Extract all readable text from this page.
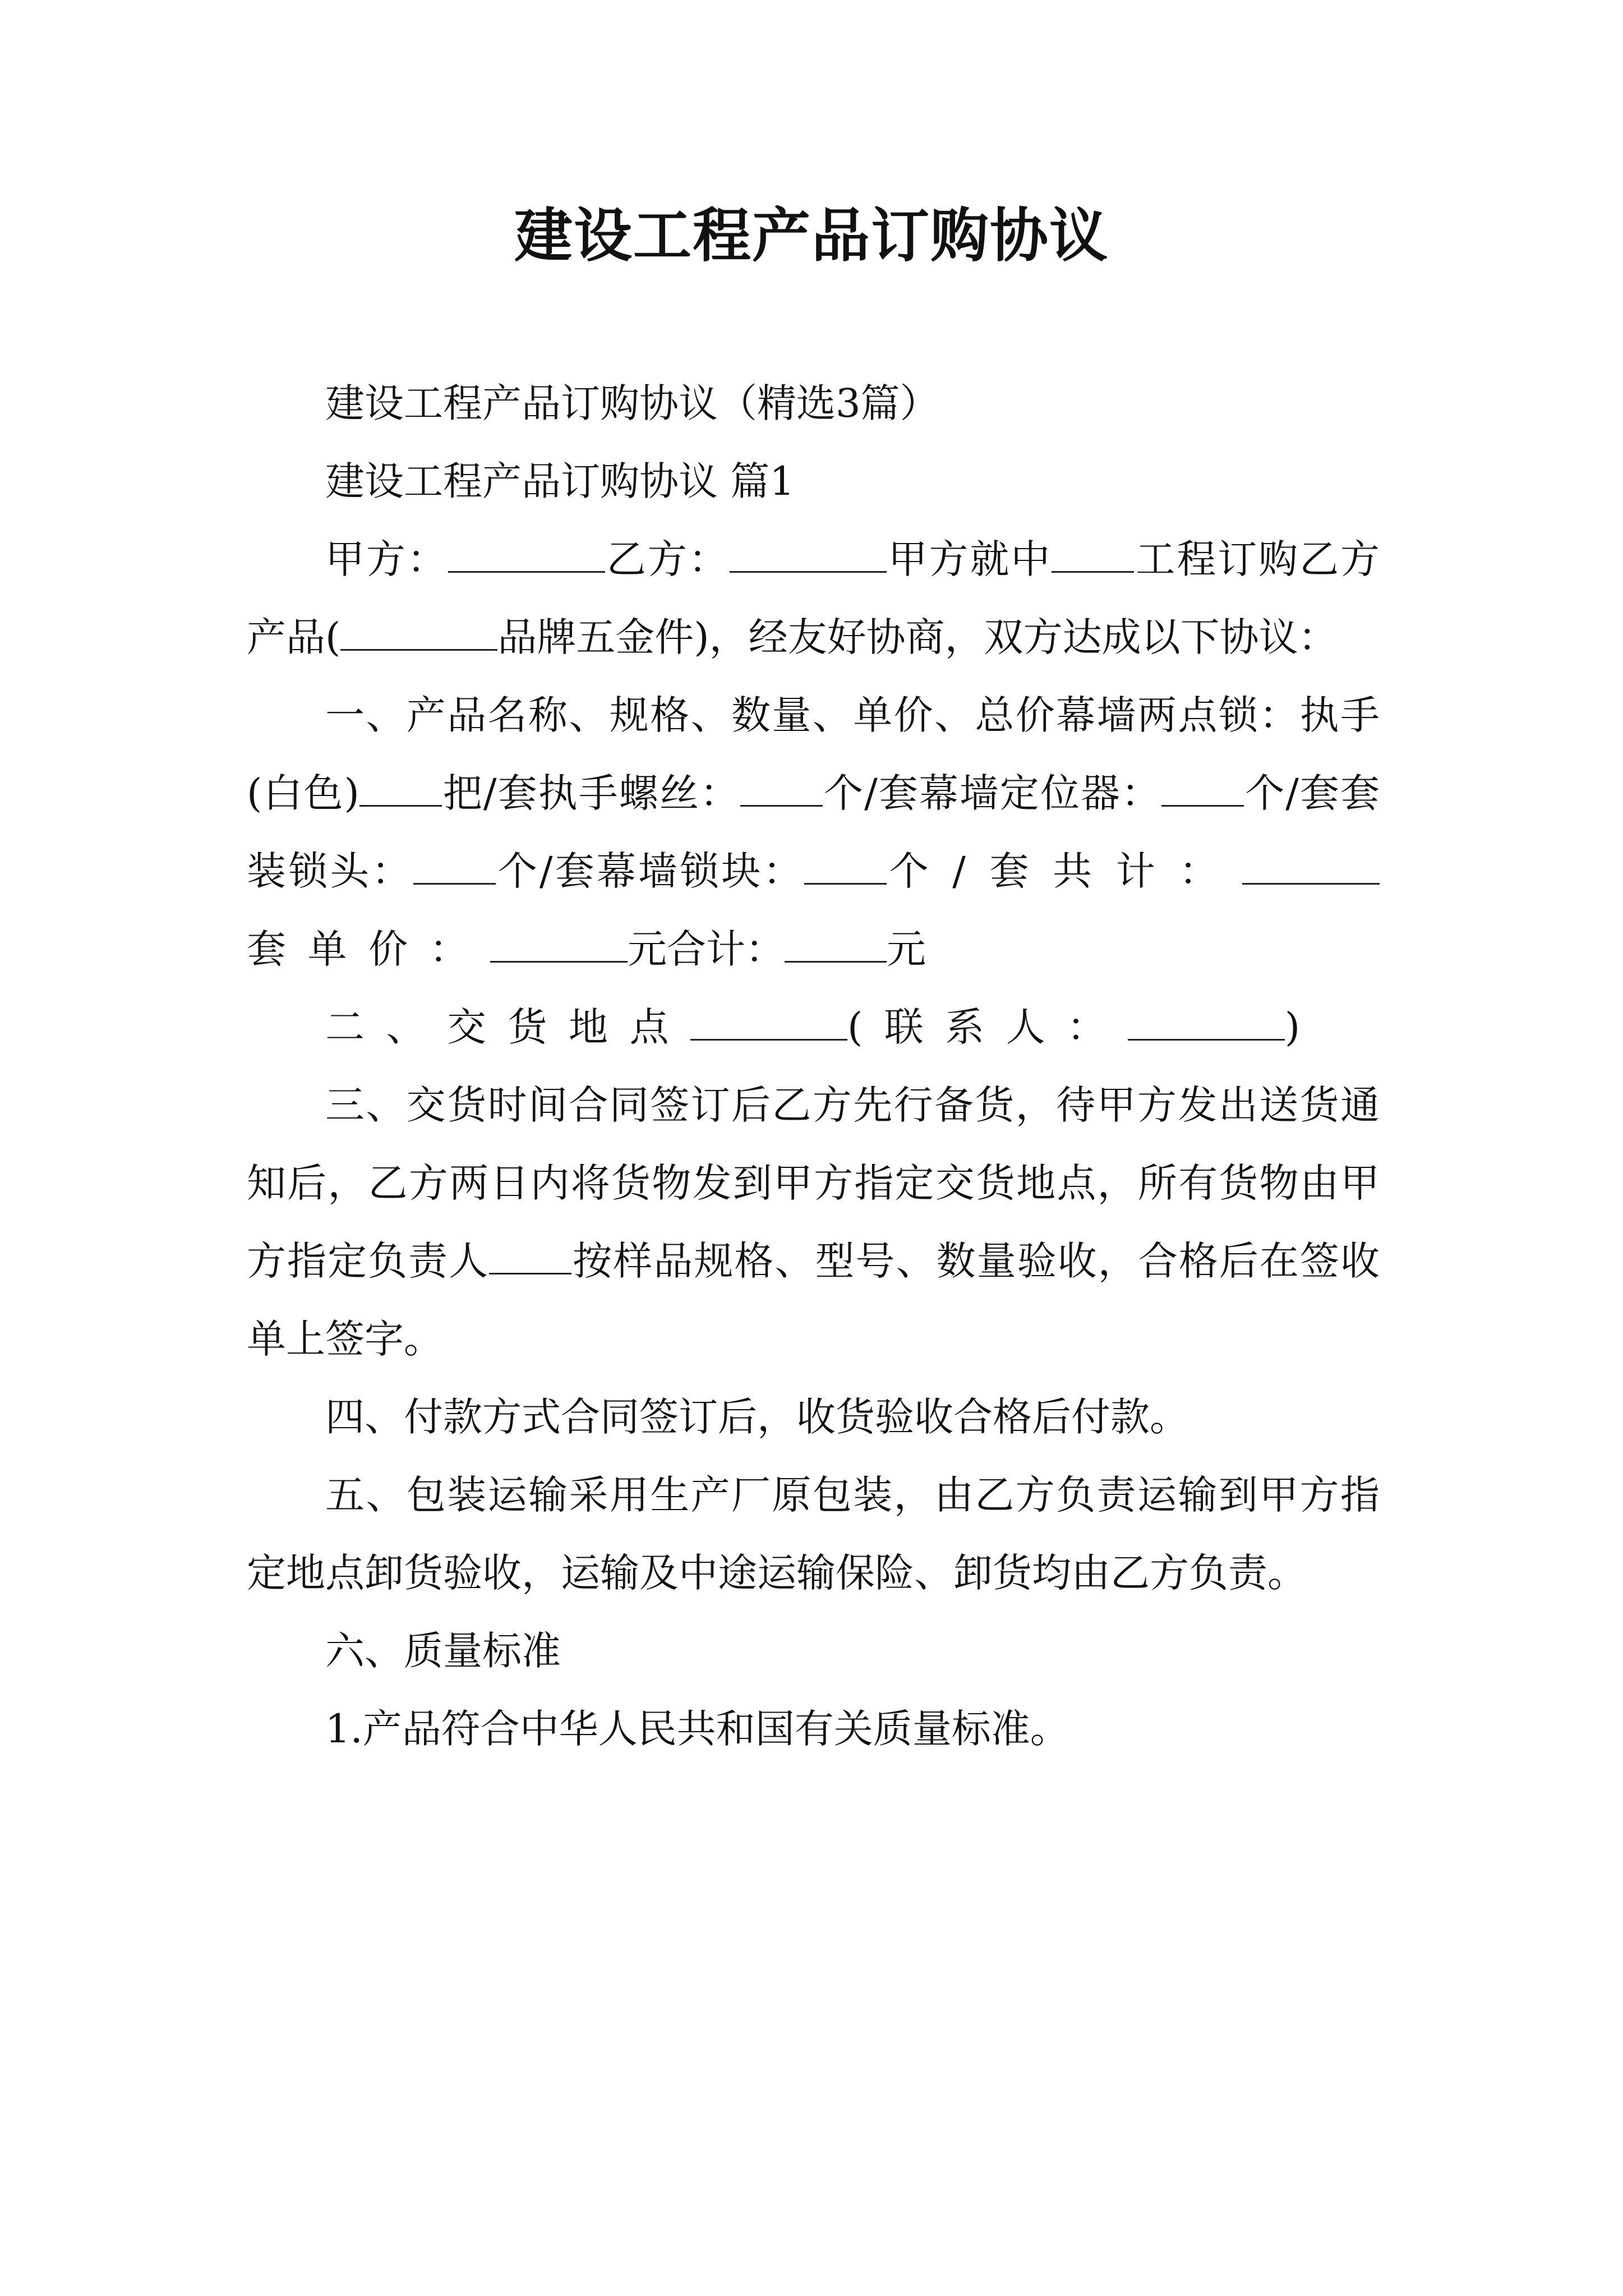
建设工程产品订购协议

建设工程产品订购协议（精选3篇）

建设工程产品订购协议 篇1

甲方：	乙方：	甲方就中 工程订购乙方产品(	品牌五金件)，经友好协商，双方达成以下协议：

一、产品名称、规格、数量、单价、总价幕墙两点锁：执手(白色) 把/套执手螺丝： 个/套幕墙定位器： 个/套套装锁头： 个/套幕墙锁块： 个/套共计：套单价：	元合计：	元

二、交货地点	(联系人：	)

三、交货时间合同签订后乙方先行备货，待甲方发出送货通知后，乙方两日内将货物发到甲方指定交货地点，所有货物由甲方指定负责人 按样品规格、型号、数量验收，合格后在签收单上签字。

四、付款方式合同签订后，收货验收合格后付款。

五、包装运输采用生产厂原包装，由乙方负责运输到甲方指定地点卸货验收，运输及中途运输保险、卸货均由乙方负责。

六、质量标准

1.产品符合中华人民共和国有关质量标准。
